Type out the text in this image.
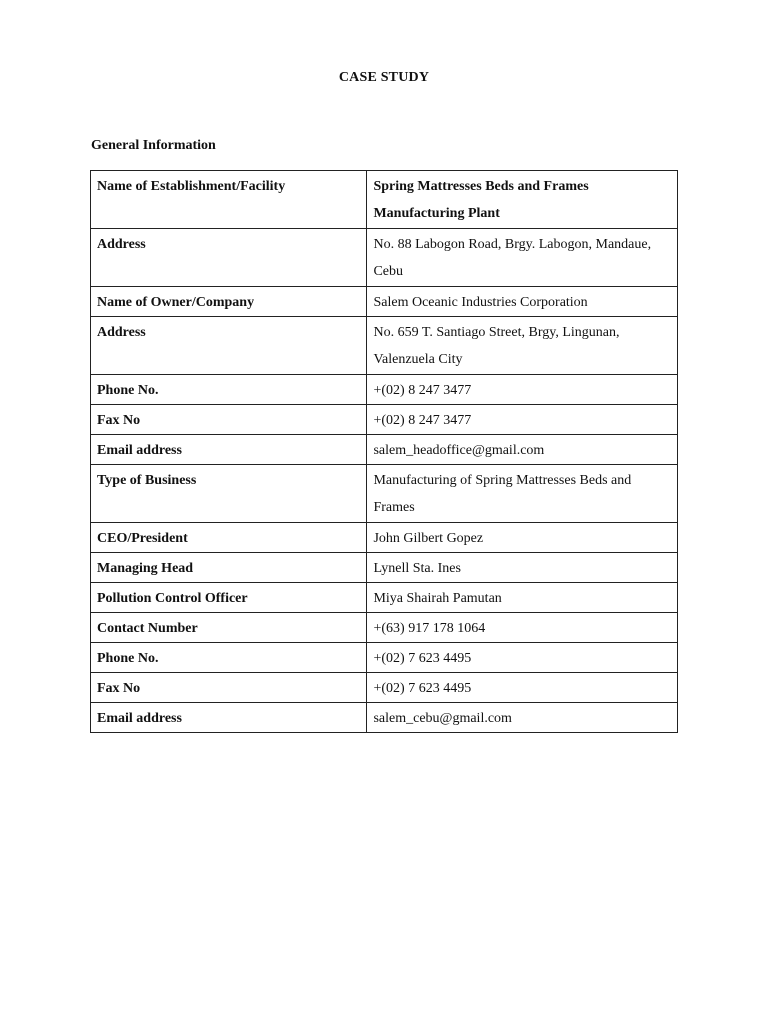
CASE STUDY
General Information
Name of Establishment/Facility	Spring Mattresses Beds and Frames Manufacturing Plant
Address	No. 88 Labogon Road, Brgy. Labogon, Mandaue, Cebu
Name of Owner/Company	Salem Oceanic Industries Corporation
Address	No. 659 T. Santiago Street, Brgy, Lingunan, Valenzuela City
Phone No.	+(02) 8 247 3477
Fax No	+(02) 8 247 3477
Email address	salem_headoffice@gmail.com
Type of Business	Manufacturing of Spring Mattresses Beds and Frames
CEO/President	John Gilbert Gopez
Managing Head	Lynell Sta. Ines
Pollution Control Officer	Miya Shairah Pamutan
Contact Number	+(63) 917 178 1064
Phone No.	+(02) 7 623 4495
Fax No	+(02) 7 623 4495
Email address	salem_cebu@gmail.com
